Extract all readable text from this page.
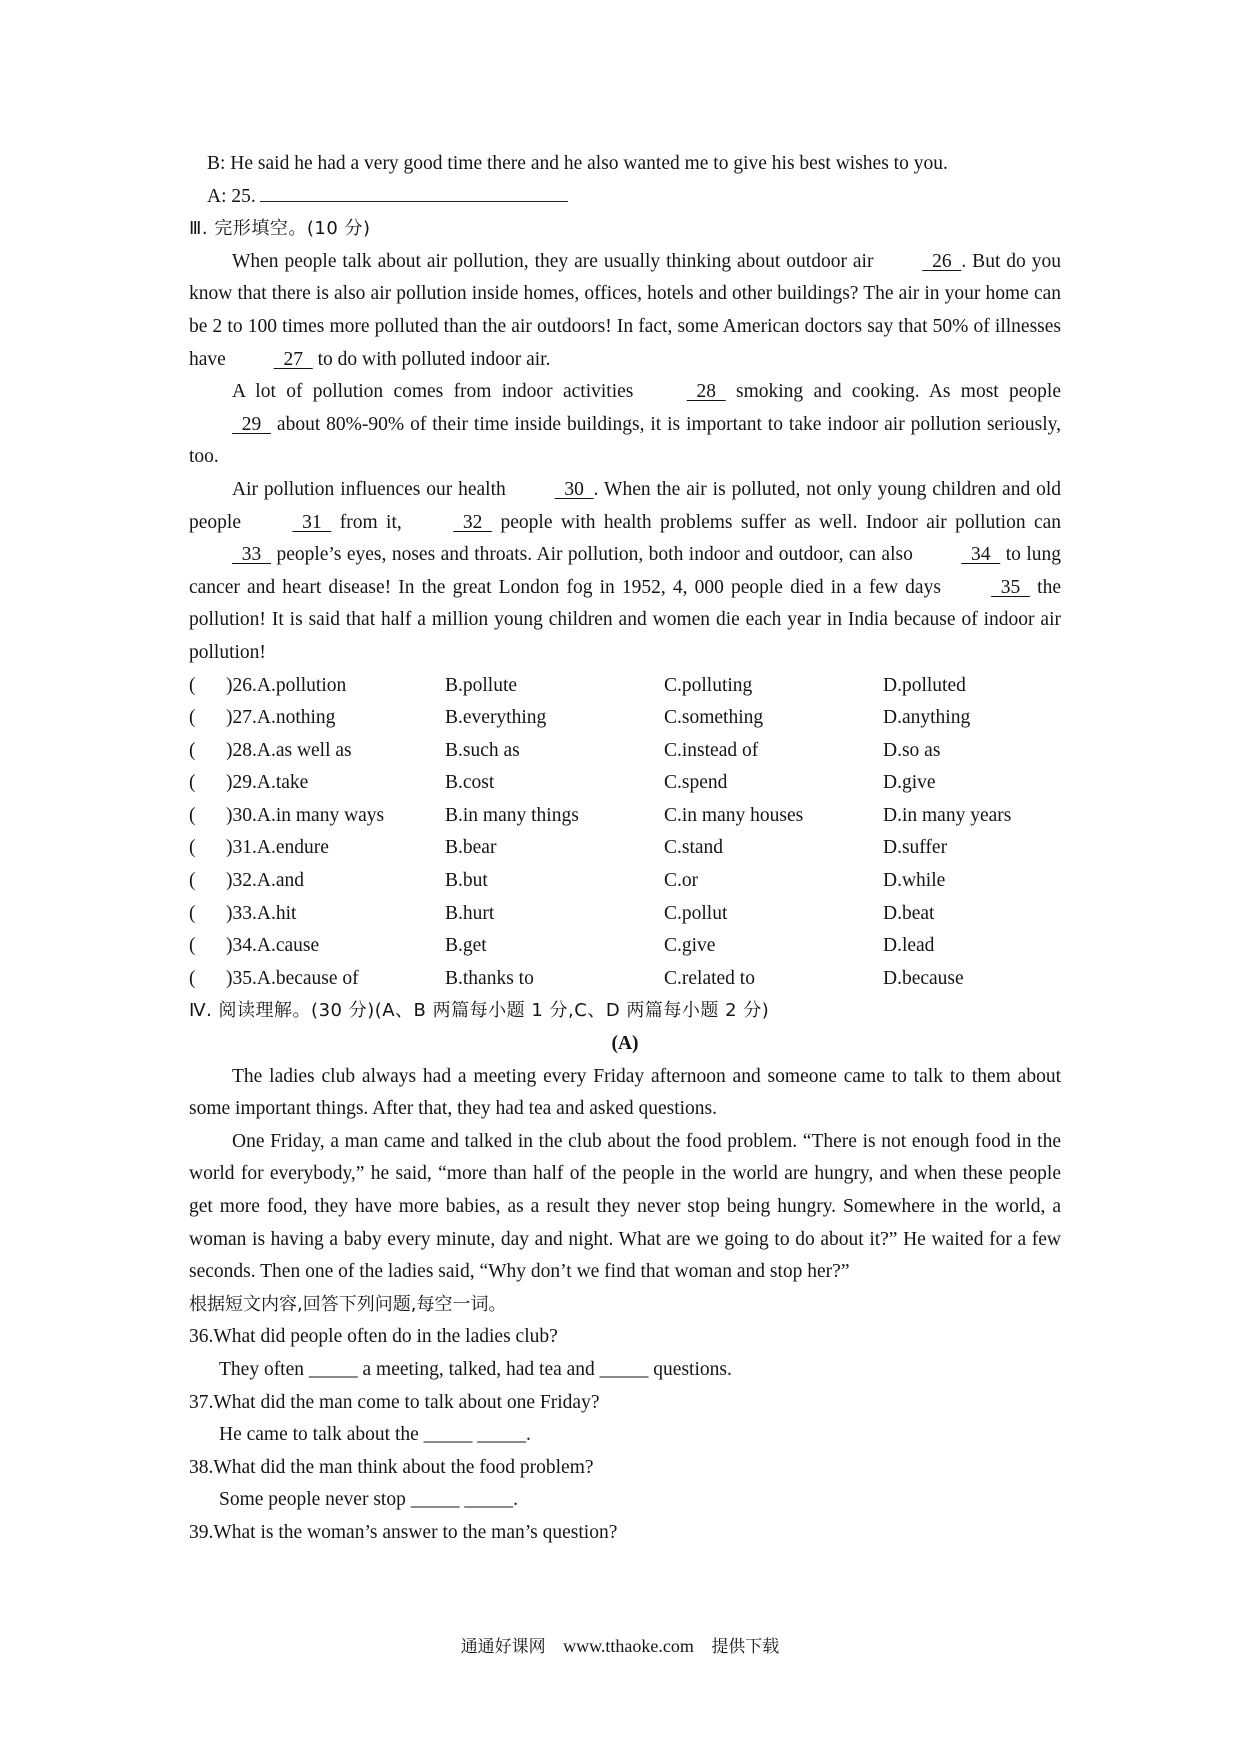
B: He said he had a very good time there and he also wanted me to give his best wishes to you.
A: 25.
Ⅲ. 完形填空。(10 分)

When people talk about air pollution, they are usually thinking about outdoor air	26  . But do you know that there is also air pollution inside homes, offices, hotels and other buildings? The air in your home can be 2 to 100 times more polluted than the air outdoors! In fact, some American doctors say that 50% of illnesses have   27   to do with polluted indoor air.

A lot of pollution comes from indoor activities	28   smoking and cooking. As most people   29   about 80%-90% of their time inside buildings, it is important to take indoor air pollution seriously, too.

Air pollution influences our health	30  . When the air is polluted, not only young children and old people	31   from it,	32   people with health problems suffer as well. Indoor air pollution can   33   people’s eyes, noses and throats. Air pollution, both indoor and outdoor, can also   34   to lung cancer and heart disease! In the great London fog in 1952, 4, 000 people died in a few days	35   the pollution! It is said that half a million young children and women die each year in India because of indoor air pollution!

(	)26.A.pollution	B.pollute	C.polluting	D.polluted
(	)27.A.nothing	B.everything	C.something	D.anything
(	)28.A.as well as	B.such as	C.instead of	D.so as
(	)29.A.take	B.cost	C.spend	D.give
(	)30.A.in many ways	B.in many things	C.in many houses	D.in many years
(	)31.A.endure	B.bear	C.stand	D.suffer
(	)32.A.and	B.but	C.or	D.while
(	)33.A.hit	B.hurt	C.pollut	D.beat
(	)34.A.cause	B.get	C.give	D.lead
(	)35.A.because of	B.thanks to	C.related to	D.because
Ⅳ. 阅读理解。(30 分)(A、B 两篇每小题 1 分,C、D 两篇每小题 2 分)
(A)

The ladies club always had a meeting every Friday afternoon and someone came to talk to them about some important things. After that, they had tea and asked questions.

One Friday, a man came and talked in the club about the food problem. “There is not enough food in the world for everybody,” he said, “more than half of the people in the world are hungry, and when these people get more food, they have more babies, as a result they never stop being hungry. Somewhere in the world, a woman is having a baby every minute, day and night. What are we going to do about it?” He waited for a few seconds. Then one of the ladies said, “Why don’t we find that woman and stop her?”

根据短文内容,回答下列问题,每空一词。
36.What did people often do in the ladies club?
They often _____ a meeting, talked, had tea and _____ questions.
37.What did the man come to talk about one Friday?
He came to talk about the _____ _____.
38.What did the man think about the food problem?
Some people never stop _____ _____.
39.What is the woman’s answer to the man’s question?
通通好课网 www.tthaoke.com 提供下载
